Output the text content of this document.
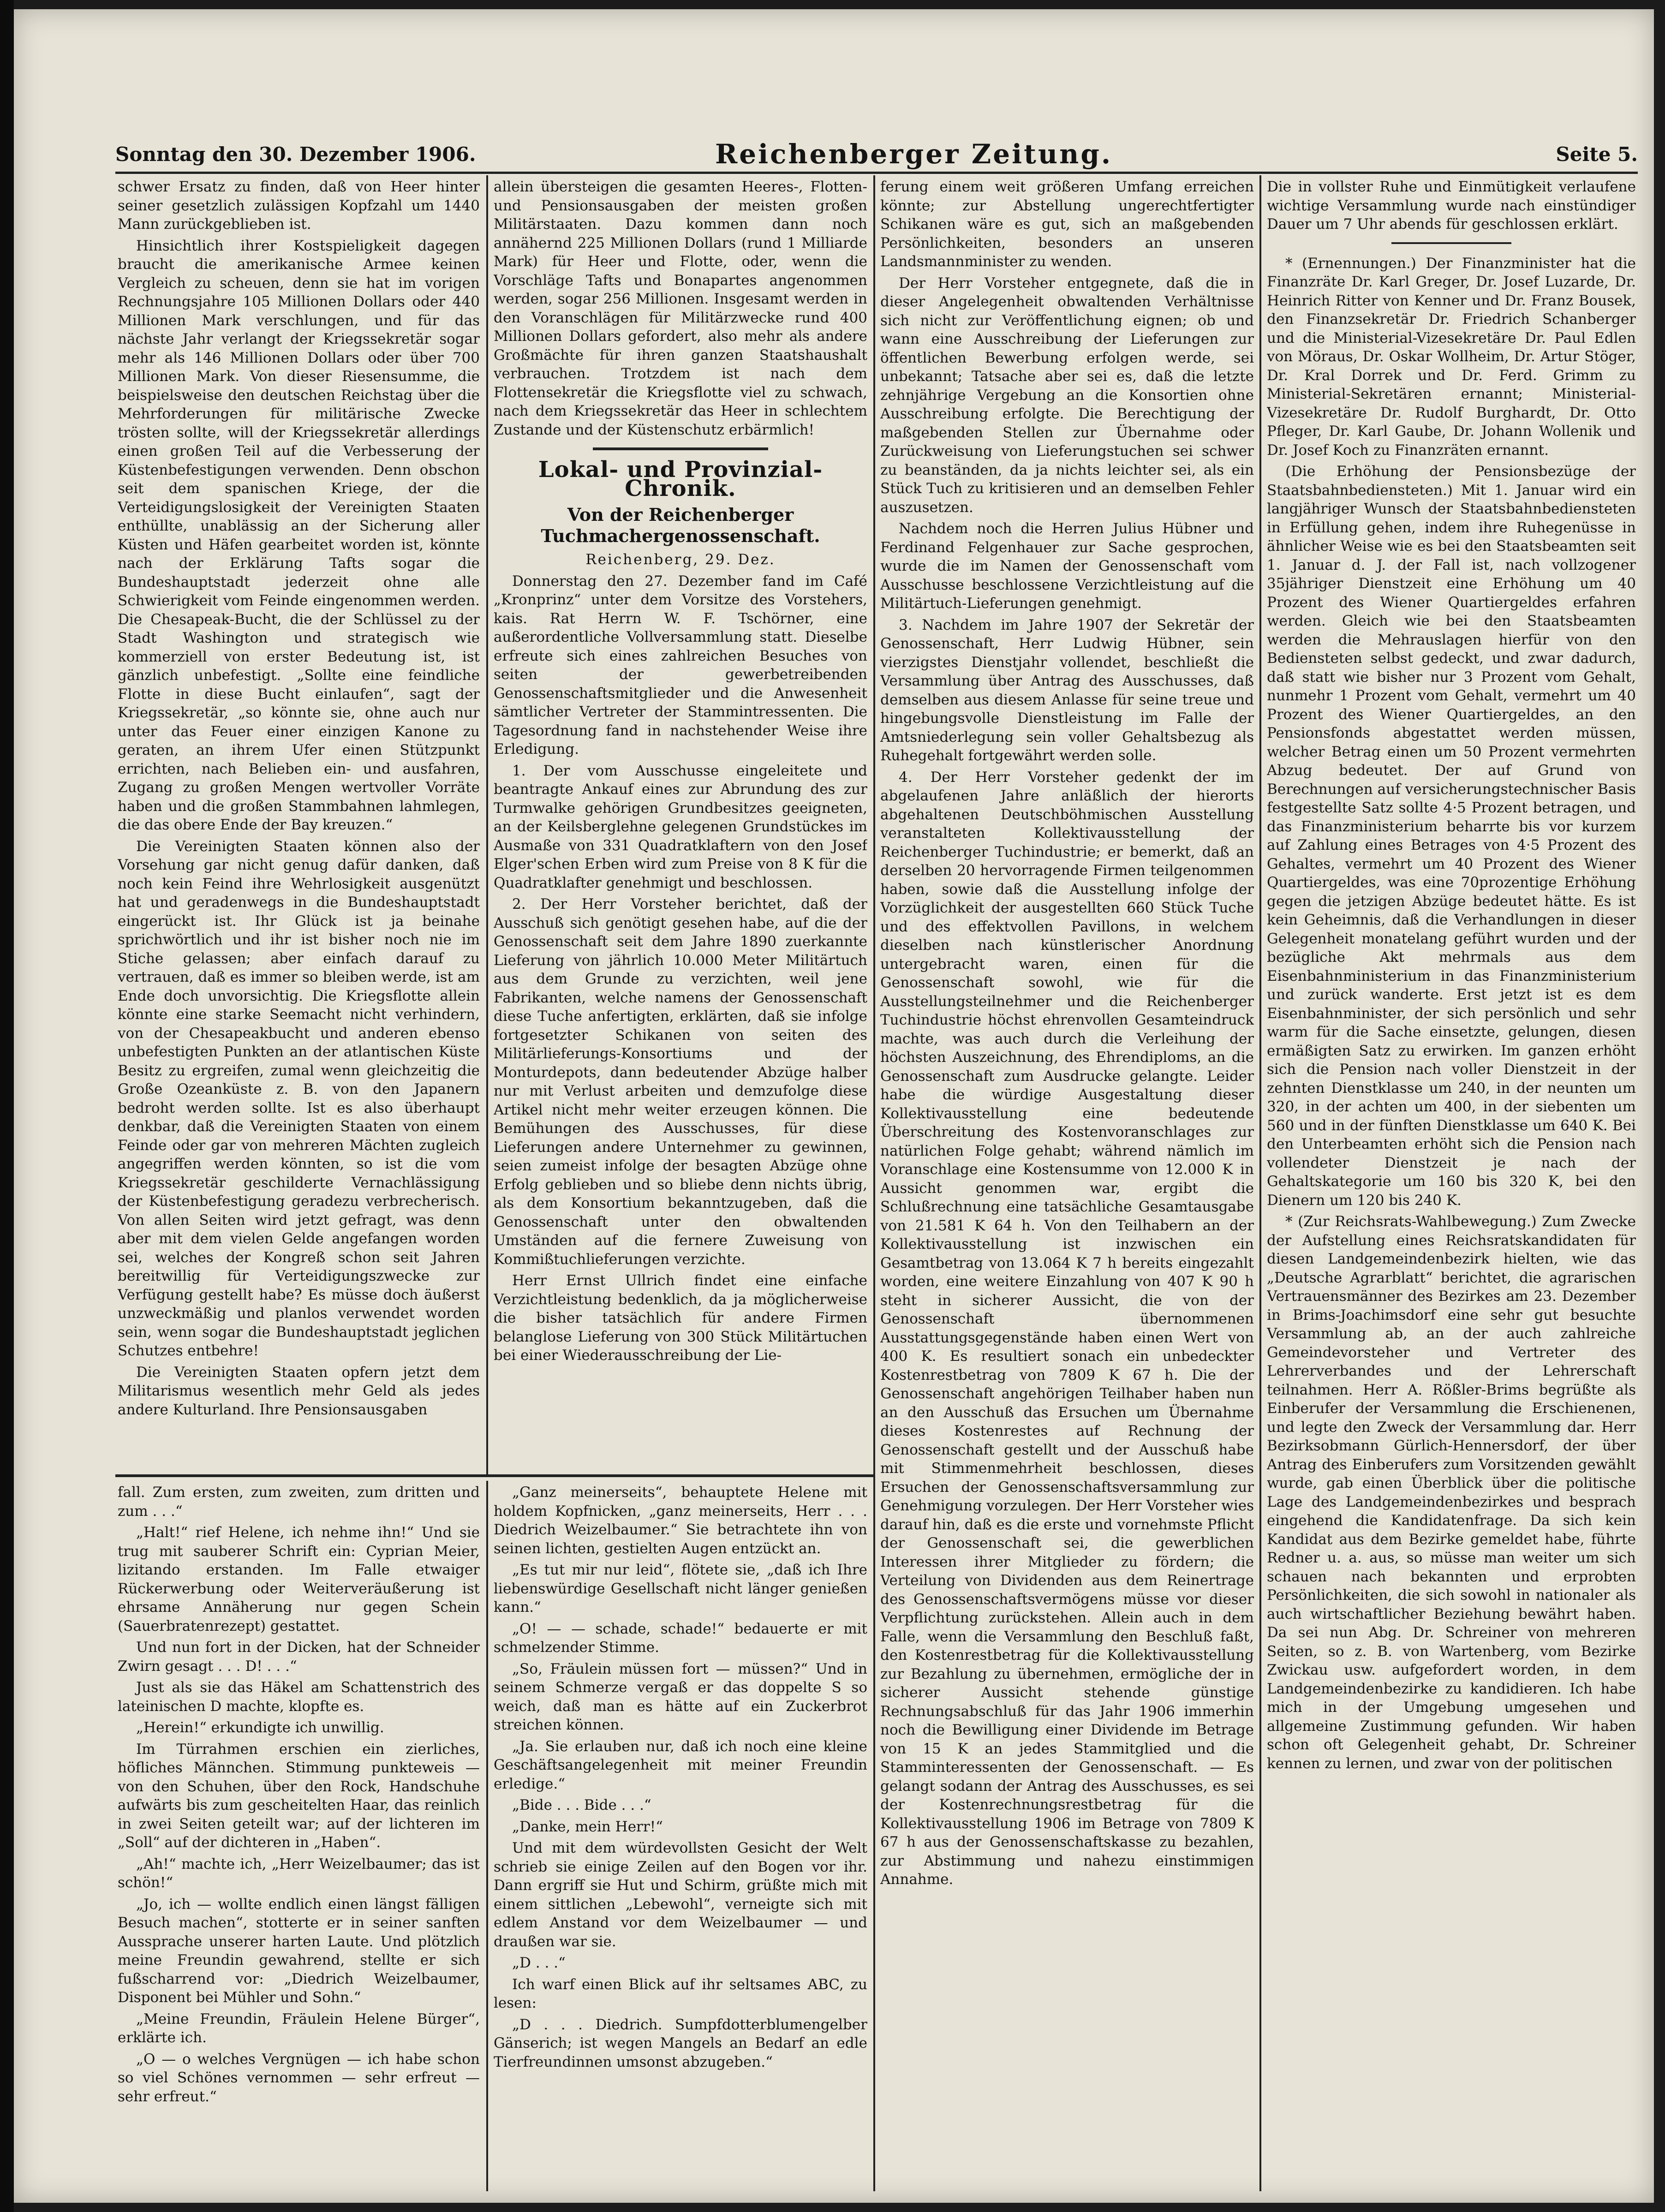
Sonntag den 30. Dezember 1906.	Reichenberger Zeitung.	Seite 5.

schwer Ersatz zu finden, daß von Heer hinter seiner gesetzlich zulässigen Kopfzahl um 1440 Mann zurückgeblieben ist.

Hinsichtlich ihrer Kostspieligkeit dagegen braucht die amerikanische Armee keinen Vergleich zu scheuen, denn sie hat im vorigen Rechnungsjahre 105 Millionen Dollars oder 440 Millionen Mark verschlungen, und für das nächste Jahr verlangt der Kriegssekretär sogar mehr als 146 Millionen Dollars oder über 700 Millionen Mark. Von dieser Riesensumme, die beispielsweise den deutschen Reichstag über die Mehrforderungen für militärische Zwecke trösten sollte, will der Kriegssekretär allerdings einen großen Teil auf die Verbesserung der Küstenbefestigungen verwenden. Denn obschon seit dem spanischen Kriege, der die Verteidigungslosigkeit der Vereinigten Staaten enthüllte, unablässig an der Sicherung aller Küsten und Häfen gearbeitet worden ist, könnte nach der Erklärung Tafts sogar die Bundeshauptstadt jederzeit ohne alle Schwierigkeit vom Feinde eingenommen werden. Die Chesapeak-Bucht, die der Schlüssel zu der Stadt Washington und strategisch wie kommerziell von erster Bedeutung ist, ist gänzlich unbefestigt. „Sollte eine feindliche Flotte in diese Bucht einlaufen“, sagt der Kriegssekretär, „so könnte sie, ohne auch nur unter das Feuer einer einzigen Kanone zu geraten, an ihrem Ufer einen Stützpunkt errichten, nach Belieben ein- und ausfahren, Zugang zu großen Mengen wertvoller Vorräte haben und die großen Stammbahnen lahmlegen, die das obere Ende der Bay kreuzen.“

Die Vereinigten Staaten können also der Vorsehung gar nicht genug dafür danken, daß noch kein Feind ihre Wehrlosigkeit ausgenützt hat und geradenwegs in die Bundeshauptstadt eingerückt ist. Ihr Glück ist ja beinahe sprichwörtlich und ihr ist bisher noch nie im Stiche gelassen; aber einfach darauf zu vertrauen, daß es immer so bleiben werde, ist am Ende doch unvorsichtig. Die Kriegsflotte allein könnte eine starke Seemacht nicht verhindern, von der Chesapeakbucht und anderen ebenso unbefestigten Punkten an der atlantischen Küste Besitz zu ergreifen, zumal wenn gleichzeitig die Große Ozeanküste z. B. von den Japanern bedroht werden sollte. Ist es also überhaupt denkbar, daß die Vereinigten Staaten von einem Feinde oder gar von mehreren Mächten zugleich angegriffen werden könnten, so ist die vom Kriegssekretär geschilderte Vernachlässigung der Küstenbefestigung geradezu verbrecherisch. Von allen Seiten wird jetzt gefragt, was denn aber mit dem vielen Gelde angefangen worden sei, welches der Kongreß schon seit Jahren bereitwillig für Verteidigungszwecke zur Verfügung gestellt habe? Es müsse doch äußerst unzweckmäßig und planlos verwendet worden sein, wenn sogar die Bundeshauptstadt jeglichen Schutzes entbehre!

Die Vereinigten Staaten opfern jetzt dem Militarismus wesentlich mehr Geld als jedes andere Kulturland. Ihre Pensionsausgaben

allein übersteigen die gesamten Heeres-, Flotten- und Pensionsausgaben der meisten großen Militärstaaten. Dazu kommen dann noch annähernd 225 Millionen Dollars (rund 1 Milliarde Mark) für Heer und Flotte, oder, wenn die Vorschläge Tafts und Bonapartes angenommen werden, sogar 256 Millionen. Insgesamt werden in den Voranschlägen für Militärzwecke rund 400 Millionen Dollars gefordert, also mehr als andere Großmächte für ihren ganzen Staatshaushalt verbrauchen. Trotzdem ist nach dem Flottensekretär die Kriegsflotte viel zu schwach, nach dem Kriegssekretär das Heer in schlechtem Zustande und der Küstenschutz erbärmlich!

Lokal- und Provinzial-Chronik.
Von der Reichenberger Tuchmachergenossenschaft.

Reichenberg, 29. Dez.

Donnerstag den 27. Dezember fand im Café „Kronprinz“ unter dem Vorsitze des Vorstehers, kais. Rat Herrn W. F. Tschörner, eine außerordentliche Vollversammlung statt. Dieselbe erfreute sich eines zahlreichen Besuches von seiten der gewerbetreibenden Genossenschaftsmitglieder und die Anwesenheit sämtlicher Vertreter der Stammintressenten. Die Tagesordnung fand in nachstehender Weise ihre Erledigung.

1. Der vom Ausschusse eingeleitete und beantragte Ankauf eines zur Abrundung des zur Turmwalke gehörigen Grundbesitzes geeigneten, an der Keilsberglehne gelegenen Grundstückes im Ausmaße von 331 Quadratklaftern von den Josef Elger'schen Erben wird zum Preise von 8 K für die Quadratklafter genehmigt und beschlossen.

2. Der Herr Vorsteher berichtet, daß der Ausschuß sich genötigt gesehen habe, auf die der Genossenschaft seit dem Jahre 1890 zuerkannte Lieferung von jährlich 10.000 Meter Militärtuch aus dem Grunde zu verzichten, weil jene Fabrikanten, welche namens der Genossenschaft diese Tuche anfertigten, erklärten, daß sie infolge fortgesetzter Schikanen von seiten des Militärlieferungs-Konsortiums und der Monturdepots, dann bedeutender Abzüge halber nur mit Verlust arbeiten und demzufolge diese Artikel nicht mehr weiter erzeugen können. Die Bemühungen des Ausschusses, für diese Lieferungen andere Unternehmer zu gewinnen, seien zumeist infolge der besagten Abzüge ohne Erfolg geblieben und so bliebe denn nichts übrig, als dem Konsortium bekanntzugeben, daß die Genossenschaft unter den obwaltenden Umständen auf die fernere Zuweisung von Kommißtuchlieferungen verzichte.

Herr Ernst Ullrich findet eine einfache Verzichtleistung bedenklich, da ja möglicherweise die bisher tatsächlich für andere Firmen belanglose Lieferung von 300 Stück Militärtuchen bei einer Wiederausschreibung der Lie-

ferung einem weit größeren Umfang erreichen könnte; zur Abstellung ungerechtfertigter Schikanen wäre es gut, sich an maßgebenden Persönlichkeiten, besonders an unseren Landsmannminister zu wenden.

Der Herr Vorsteher entgegnete, daß die in dieser Angelegenheit obwaltenden Verhältnisse sich nicht zur Veröffentlichung eignen; ob und wann eine Ausschreibung der Lieferungen zur öffentlichen Bewerbung erfolgen werde, sei unbekannt; Tatsache aber sei es, daß die letzte zehnjährige Vergebung an die Konsortien ohne Ausschreibung erfolgte. Die Berechtigung der maßgebenden Stellen zur Übernahme oder Zurückweisung von Lieferungstuchen sei schwer zu beanständen, da ja nichts leichter sei, als ein Stück Tuch zu kritisieren und an demselben Fehler auszusetzen.

Nachdem noch die Herren Julius Hübner und Ferdinand Felgenhauer zur Sache gesprochen, wurde die im Namen der Genossenschaft vom Ausschusse beschlossene Verzichtleistung auf die Militärtuch-Lieferungen genehmigt.

3. Nachdem im Jahre 1907 der Sekretär der Genossenschaft, Herr Ludwig Hübner, sein vierzigstes Dienstjahr vollendet, beschließt die Versammlung über Antrag des Ausschusses, daß demselben aus diesem Anlasse für seine treue und hingebungsvolle Dienstleistung im Falle der Amtsniederlegung sein voller Gehaltsbezug als Ruhegehalt fortgewährt werden solle.

4. Der Herr Vorsteher gedenkt der im abgelaufenen Jahre anläßlich der hierorts abgehaltenen Deutschböhmischen Ausstellung veranstalteten Kollektivausstellung der Reichenberger Tuchindustrie; er bemerkt, daß an derselben 20 hervorragende Firmen teilgenommen haben, sowie daß die Ausstellung infolge der Vorzüglichkeit der ausgestellten 660 Stück Tuche und des effektvollen Pavillons, in welchem dieselben nach künstlerischer Anordnung untergebracht waren, einen für die Genossenschaft sowohl, wie für die Ausstellungsteilnehmer und die Reichenberger Tuchindustrie höchst ehrenvollen Gesamteindruck machte, was auch durch die Verleihung der höchsten Auszeichnung, des Ehrendiploms, an die Genossenschaft zum Ausdrucke gelangte. Leider habe die würdige Ausgestaltung dieser Kollektivausstellung eine bedeutende Überschreitung des Kostenvoranschlages zur natürlichen Folge gehabt; während nämlich im Voranschlage eine Kostensumme von 12.000 K in Aussicht genommen war, ergibt die Schlußrechnung eine tatsächliche Gesamtausgabe von 21.581 K 64 h. Von den Teilhabern an der Kollektivausstellung ist inzwischen ein Gesamtbetrag von 13.064 K 7 h bereits eingezahlt worden, eine weitere Einzahlung von 407 K 90 h steht in sicherer Aussicht, die von der Genossenschaft übernommenen Ausstattungsgegenstände haben einen Wert von 400 K. Es resultiert sonach ein unbedeckter Kostenrestbetrag von 7809 K 67 h. Die der Genossenschaft angehörigen Teilhaber haben nun an den Ausschuß das Ersuchen um Übernahme dieses Kostenrestes auf Rechnung der Genossenschaft gestellt und der Ausschuß habe mit Stimmenmehrheit beschlossen, dieses Ersuchen der Genossenschaftsversammlung zur Genehmigung vorzulegen. Der Herr Vorsteher wies darauf hin, daß es die erste und vornehmste Pflicht der Genossenschaft sei, die gewerblichen Interessen ihrer Mitglieder zu fördern; die Verteilung von Dividenden aus dem Reinertrage des Genossenschaftsvermögens müsse vor dieser Verpflichtung zurückstehen. Allein auch in dem Falle, wenn die Versammlung den Beschluß faßt, den Kostenrestbetrag für die Kollektivausstellung zur Bezahlung zu übernehmen, ermögliche der in sicherer Aussicht stehende günstige Rechnungsabschluß für das Jahr 1906 immerhin noch die Bewilligung einer Dividende im Betrage von 15 K an jedes Stammitglied und die Stamminteressenten der Genossenschaft. — Es gelangt sodann der Antrag des Ausschusses, es sei der Kostenrechnungsrestbetrag für die Kollektivausstellung 1906 im Betrage von 7809 K 67 h aus der Genossenschaftskasse zu bezahlen, zur Abstimmung und nahezu einstimmigen Annahme.

Die in vollster Ruhe und Einmütigkeit verlaufene wichtige Versammlung wurde nach einstündiger Dauer um 7 Uhr abends für geschlossen erklärt.

* (Ernennungen.) Der Finanzminister hat die Finanzräte Dr. Karl Greger, Dr. Josef Luzarde, Dr. Heinrich Ritter von Kenner und Dr. Franz Bousek, den Finanzsekretär Dr. Friedrich Schanberger und die Ministerial-Vizesekretäre Dr. Paul Edlen von Möraus, Dr. Oskar Wollheim, Dr. Artur Stöger, Dr. Kral Dorrek und Dr. Ferd. Grimm zu Ministerial-Sekretären ernannt; Ministerial-Vizesekretäre Dr. Rudolf Burghardt, Dr. Otto Pfleger, Dr. Karl Gaube, Dr. Johann Wollenik und Dr. Josef Koch zu Finanzräten ernannt.

(Die Erhöhung der Pensionsbezüge der Staatsbahnbediensteten.) Mit 1. Januar wird ein langjähriger Wunsch der Staatsbahnbediensteten in Erfüllung gehen, indem ihre Ruhegenüsse in ähnlicher Weise wie es bei den Staatsbeamten seit 1. Januar d. J. der Fall ist, nach vollzogener 35jähriger Dienstzeit eine Erhöhung um 40 Prozent des Wiener Quartiergeldes erfahren werden. Gleich wie bei den Staatsbeamten werden die Mehrauslagen hierfür von den Bediensteten selbst gedeckt, und zwar dadurch, daß statt wie bisher nur 3 Prozent vom Gehalt, nunmehr 1 Prozent vom Gehalt, vermehrt um 40 Prozent des Wiener Quartiergeldes, an den Pensionsfonds abgestattet werden müssen, welcher Betrag einen um 50 Prozent vermehrten Abzug bedeutet. Der auf Grund von Berechnungen auf versicherungstechnischer Basis festgestellte Satz sollte 4·5 Prozent betragen, und das Finanzministerium beharrte bis vor kurzem auf Zahlung eines Betrages von 4·5 Prozent des Gehaltes, vermehrt um 40 Prozent des Wiener Quartiergeldes, was eine 70prozentige Erhöhung gegen die jetzigen Abzüge bedeutet hätte. Es ist kein Geheimnis, daß die Verhandlungen in dieser Gelegenheit monatelang geführt wurden und der bezügliche Akt mehrmals aus dem Eisenbahnministerium in das Finanzministerium und zurück wanderte. Erst jetzt ist es dem Eisenbahnminister, der sich persönlich und sehr warm für die Sache einsetzte, gelungen, diesen ermäßigten Satz zu erwirken. Im ganzen erhöht sich die Pension nach voller Dienstzeit in der zehnten Dienstklasse um 240, in der neunten um 320, in der achten um 400, in der siebenten um 560 und in der fünften Dienstklasse um 640 K. Bei den Unterbeamten erhöht sich die Pension nach vollendeter Dienstzeit je nach der Gehaltskategorie um 160 bis 320 K, bei den Dienern um 120 bis 240 K.

* (Zur Reichsrats-Wahlbewegung.) Zum Zwecke der Aufstellung eines Reichsratskandidaten für diesen Landgemeindenbezirk hielten, wie das „Deutsche Agrarblatt“ berichtet, die agrarischen Vertrauensmänner des Bezirkes am 23. Dezember in Brims-Joachimsdorf eine sehr gut besuchte Versammlung ab, an der auch zahlreiche Gemeindevorsteher und Vertreter des Lehrerverbandes und der Lehrerschaft teilnahmen. Herr A. Rößler-Brims begrüßte als Einberufer der Versammlung die Erschienenen, und legte den Zweck der Versammlung dar. Herr Bezirksobmann Gürlich-Hennersdorf, der über Antrag des Einberufers zum Vorsitzenden gewählt wurde, gab einen Überblick über die politische Lage des Landgemeindenbezirkes und besprach eingehend die Kandidatenfrage. Da sich kein Kandidat aus dem Bezirke gemeldet habe, führte Redner u. a. aus, so müsse man weiter um sich schauen nach bekannten und erprobten Persönlichkeiten, die sich sowohl in nationaler als auch wirtschaftlicher Beziehung bewährt haben. Da sei nun Abg. Dr. Schreiner von mehreren Seiten, so z. B. von Wartenberg, vom Bezirke Zwickau usw. aufgefordert worden, in dem Landgemeindenbezirke zu kandidieren. Ich habe mich in der Umgebung umgesehen und allgemeine Zustimmung gefunden. Wir haben schon oft Gelegenheit gehabt, Dr. Schreiner kennen zu lernen, und zwar von der politischen

fall. Zum ersten, zum zweiten, zum dritten und zum . . .“

„Halt!“ rief Helene, ich nehme ihn!“ Und sie trug mit sauberer Schrift ein: Cyprian Meier, lizitando erstanden. Im Falle etwaiger Rückerwerbung oder Weiterveräußerung ist ehrsame Annäherung nur gegen Schein (Sauerbratenrezept) gestattet.

Und nun fort in der Dicken, hat der Schneider Zwirn gesagt . . . D! . . .“

Just als sie das Häkel am Schattenstrich des lateinischen D machte, klopfte es.

„Herein!“ erkundigte ich unwillig.

Im Türrahmen erschien ein zierliches, höfliches Männchen. Stimmung punkteweis — von den Schuhen, über den Rock, Handschuhe aufwärts bis zum gescheitelten Haar, das reinlich in zwei Seiten geteilt war; auf der lichteren im „Soll“ auf der dichteren in „Haben“.

„Ah!“ machte ich, „Herr Weizelbaumer; das ist schön!“

„Jo, ich — wollte endlich einen längst fälligen Besuch machen“, stotterte er in seiner sanften Aussprache unserer harten Laute. Und plötzlich meine Freundin gewahrend, stellte er sich fußscharrend vor: „Diedrich Weizelbaumer, Disponent bei Mühler und Sohn.“

„Meine Freundin, Fräulein Helene Bürger“, erklärte ich.

„O — o welches Vergnügen — ich habe schon so viel Schönes vernommen — sehr erfreut — sehr erfreut.“

„Ganz meinerseits“, behauptete Helene mit holdem Kopfnicken, „ganz meinerseits, Herr . . . Diedrich Weizelbaumer.“ Sie betrachtete ihn von seinen lichten, gestielten Augen entzückt an.

„Es tut mir nur leid“, flötete sie, „daß ich Ihre liebenswürdige Gesellschaft nicht länger genießen kann.“

„O! — — schade, schade!“ bedauerte er mit schmelzender Stimme.

„So, Fräulein müssen fort — müssen?“ Und in seinem Schmerze vergaß er das doppelte S so weich, daß man es hätte auf ein Zuckerbrot streichen können.

„Ja. Sie erlauben nur, daß ich noch eine kleine Geschäftsangelegenheit mit meiner Freundin erledige.“

„Bide . . . Bide . . .“

„Danke, mein Herr!“

Und mit dem würdevollsten Gesicht der Welt schrieb sie einige Zeilen auf den Bogen vor ihr. Dann ergriff sie Hut und Schirm, grüßte mich mit einem sittlichen „Lebewohl“, verneigte sich mit edlem Anstand vor dem Weizelbaumer — und draußen war sie.

„D . . .“

Ich warf einen Blick auf ihr seltsames ABC, zu lesen:

„D . . . Diedrich. Sumpfdotterblumengelber Gänserich; ist wegen Mangels an Bedarf an edle Tierfreundinnen umsonst abzugeben.“
